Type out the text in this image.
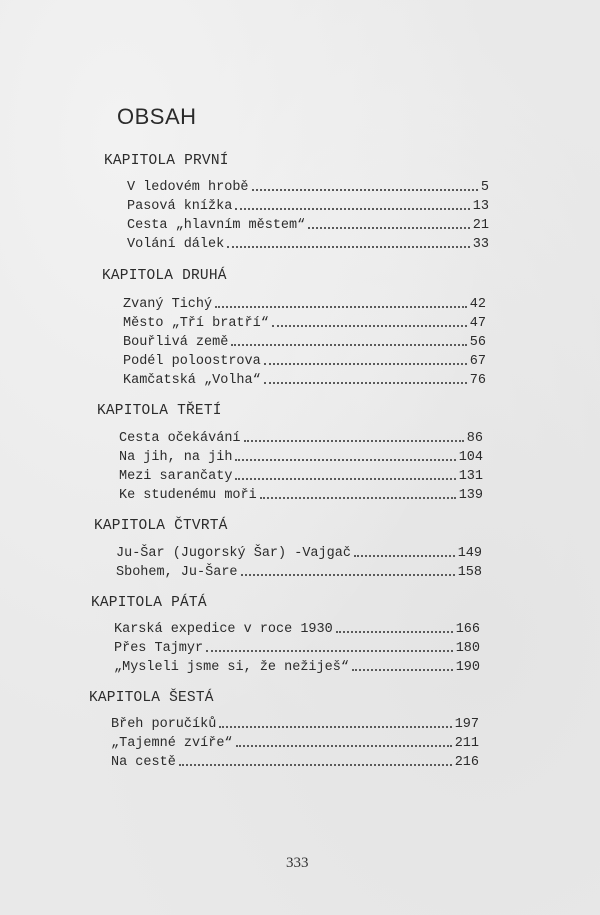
OBSAH
KAPITOLA PRVNÍ
V ledovém hrobě	5
Pasová knížka	13
Cesta „hlavním městem“	21
Volání dálek	33
KAPITOLA DRUHÁ
Zvaný Tichý	42
Město „Tří bratří“	47
Bouřlivá země	56
Podél poloostrova	67
Kamčatská „Volha“	76
KAPITOLA TŘETÍ
Cesta očekávání	86
Na jih, na jih	104
Mezi sarančaty	131
Ke studenému moři	139
KAPITOLA ČTVRTÁ
Ju-Šar (Jugorský Šar) -Vajgač	149
Sbohem, Ju-Šare	158
KAPITOLA PÁTÁ
Karská expedice v roce 1930	166
Přes Tajmyr	180
„Mysleli jsme si, že nežiješ“	190
KAPITOLA ŠESTÁ
Břeh poručíků	197
„Tajemné zvíře“	211
Na cestě	216
333
